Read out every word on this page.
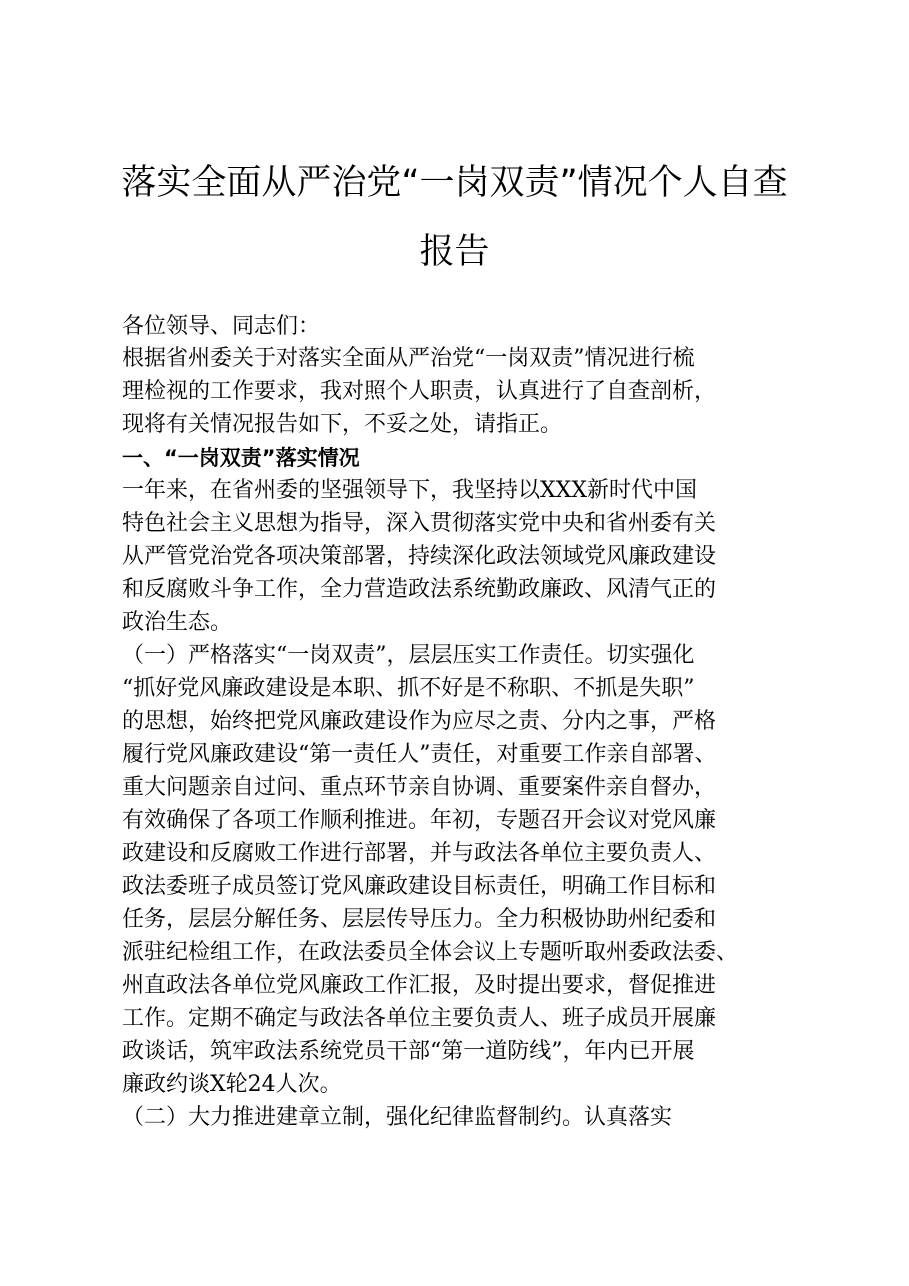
落实全面从严治党“一岗双责”情况个人自查
报告

各位领导、同志们：

根据省州委关于对落实全面从严治党“一岗双责”情况进行梳

理检视的工作要求，我对照个人职责，认真进行了自查剖析，

现将有关情况报告如下，不妥之处，请指正。

一、“一岗双责”落实情况

一年来，在省州委的坚强领导下，我坚持以XXX新时代中国

特色社会主义思想为指导，深入贯彻落实党中央和省州委有关

从严管党治党各项决策部署，持续深化政法领域党风廉政建设

和反腐败斗争工作，全力营造政法系统勤政廉政、风清气正的

政治生态。

（一）严格落实“一岗双责”，层层压实工作责任。切实强化

“抓好党风廉政建设是本职、抓不好是不称职、不抓是失职”

的思想，始终把党风廉政建设作为应尽之责、分内之事，严格

履行党风廉政建设“第一责任人”责任，对重要工作亲自部署、

重大问题亲自过问、重点环节亲自协调、重要案件亲自督办，

有效确保了各项工作顺利推进。年初，专题召开会议对党风廉

政建设和反腐败工作进行部署，并与政法各单位主要负责人、

政法委班子成员签订党风廉政建设目标责任，明确工作目标和

任务，层层分解任务、层层传导压力。全力积极协助州纪委和

派驻纪检组工作，在政法委员全体会议上专题听取州委政法委、

州直政法各单位党风廉政工作汇报，及时提出要求，督促推进

工作。定期不确定与政法各单位主要负责人、班子成员开展廉

政谈话，筑牢政法系统党员干部“第一道防线”，年内已开展

廉政约谈X轮24人次。

（二）大力推进建章立制，强化纪律监督制约。认真落实
